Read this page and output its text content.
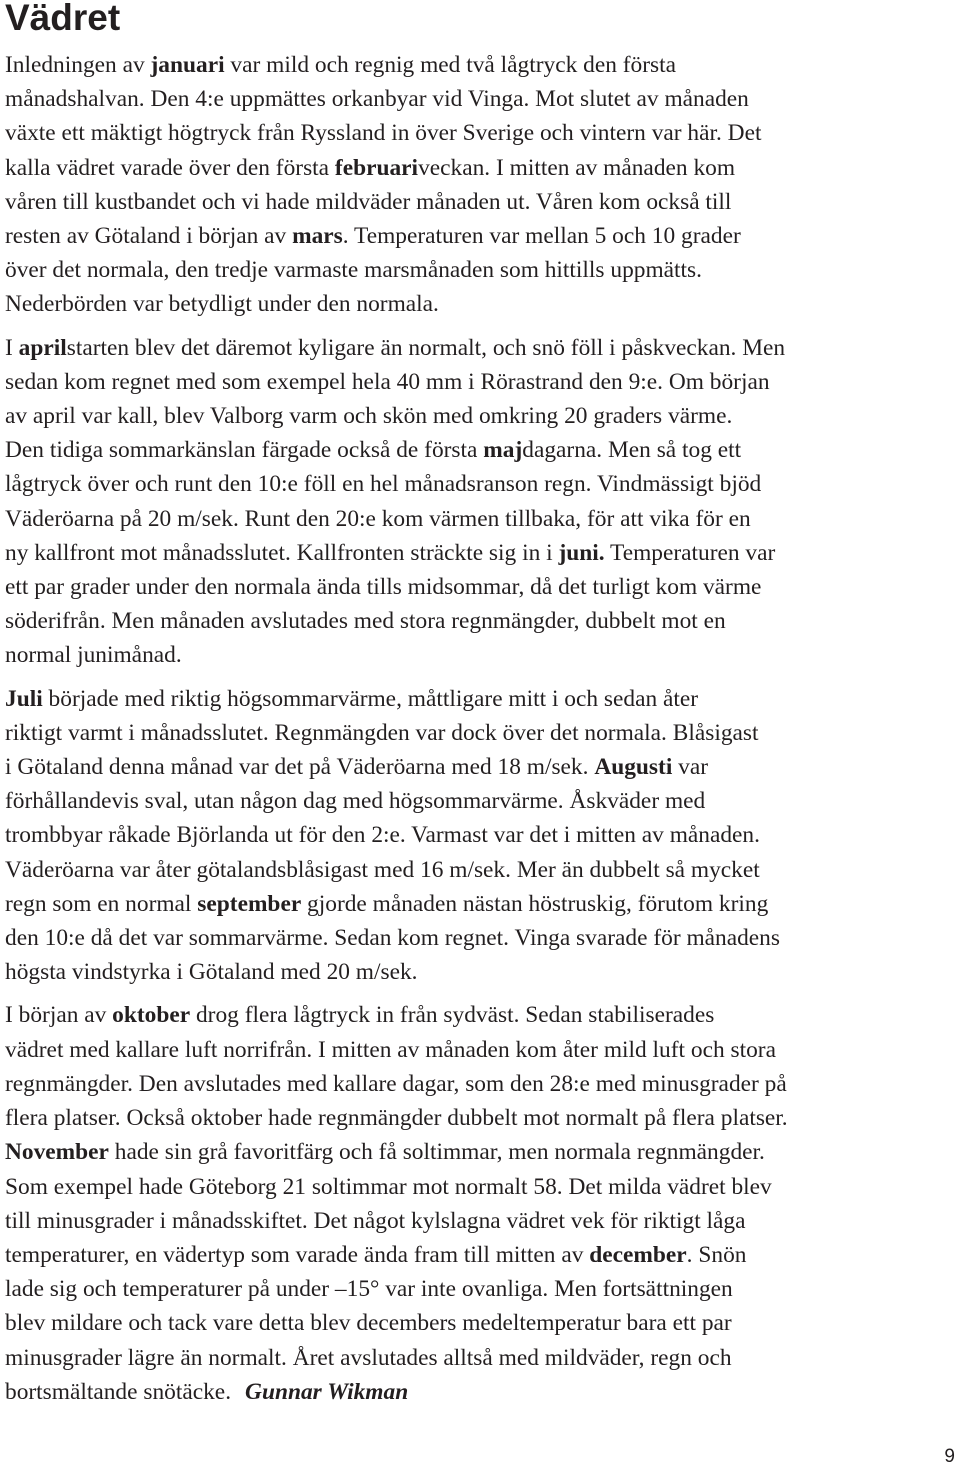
Vädret

Inledningen av januari var mild och regnig med två lågtryck den första
månadshalvan. Den 4:e uppmättes orkanbyar vid Vinga. Mot slutet av månaden
växte ett mäktigt högtryck från Ryssland in över Sverige och vintern var här. Det
kalla vädret varade över den första februariveckan. I mitten av månaden kom
våren till kustbandet och vi hade mildväder månaden ut. Våren kom också till
resten av Götaland i början av mars. Temperaturen var mellan 5 och 10 grader
över det normala, den tredje varmaste marsmånaden som hittills uppmätts.
Nederbörden var betydligt under den normala.

I aprilstarten blev det däremot kyligare än normalt, och snö föll i påskveckan. Men
sedan kom regnet med som exempel hela 40 mm i Rörastrand den 9:e. Om början
av april var kall, blev Valborg varm och skön med omkring 20 graders värme.
Den tidiga sommarkänslan färgade också de första majdagarna. Men så tog ett
lågtryck över och runt den 10:e föll en hel månadsranson regn. Vindmässigt bjöd
Väderöarna på 20 m/sek. Runt den 20:e kom värmen tillbaka, för att vika för en
ny kallfront mot månadsslutet. Kallfronten sträckte sig in i juni. Temperaturen var
ett par grader under den normala ända tills midsommar, då det turligt kom värme
söderifrån. Men månaden avslutades med stora regnmängder, dubbelt mot en
normal junimånad.

Juli började med riktig högsommarvärme, måttligare mitt i och sedan åter
riktigt varmt i månadsslutet. Regnmängden var dock över det normala. Blåsigast
i Götaland denna månad var det på Väderöarna med 18 m/sek. Augusti var
förhållandevis sval, utan någon dag med högsommarvärme. Åskväder med
trombbyar råkade Björlanda ut för den 2:e. Varmast var det i mitten av månaden.
Väderöarna var åter götalandsblåsigast med 16 m/sek. Mer än dubbelt så mycket
regn som en normal september gjorde månaden nästan höstruskig, förutom kring
den 10:e då det var sommarvärme. Sedan kom regnet. Vinga svarade för månadens
högsta vindstyrka i Götaland med 20 m/sek.

I början av oktober drog flera lågtryck in från sydväst. Sedan stabiliserades
vädret med kallare luft norrifrån. I mitten av månaden kom åter mild luft och stora
regnmängder. Den avslutades med kallare dagar, som den 28:e med minusgrader på
flera platser. Också oktober hade regnmängder dubbelt mot normalt på flera platser.
November hade sin grå favoritfärg och få soltimmar, men normala regnmängder.
Som exempel hade Göteborg 21 soltimmar mot normalt 58. Det milda vädret blev
till minusgrader i månadsskiftet. Det något kylslagna vädret vek för riktigt låga
temperaturer, en vädertyp som varade ända fram till mitten av december. Snön
lade sig och temperaturer på under –15° var inte ovanliga. Men fortsättningen
blev mildare och tack vare detta blev decembers medeltemperatur bara ett par
minusgrader lägre än normalt. Året avslutades alltså med mildväder, regn och
bortsmältande snötäcke. Gunnar Wikman

9
